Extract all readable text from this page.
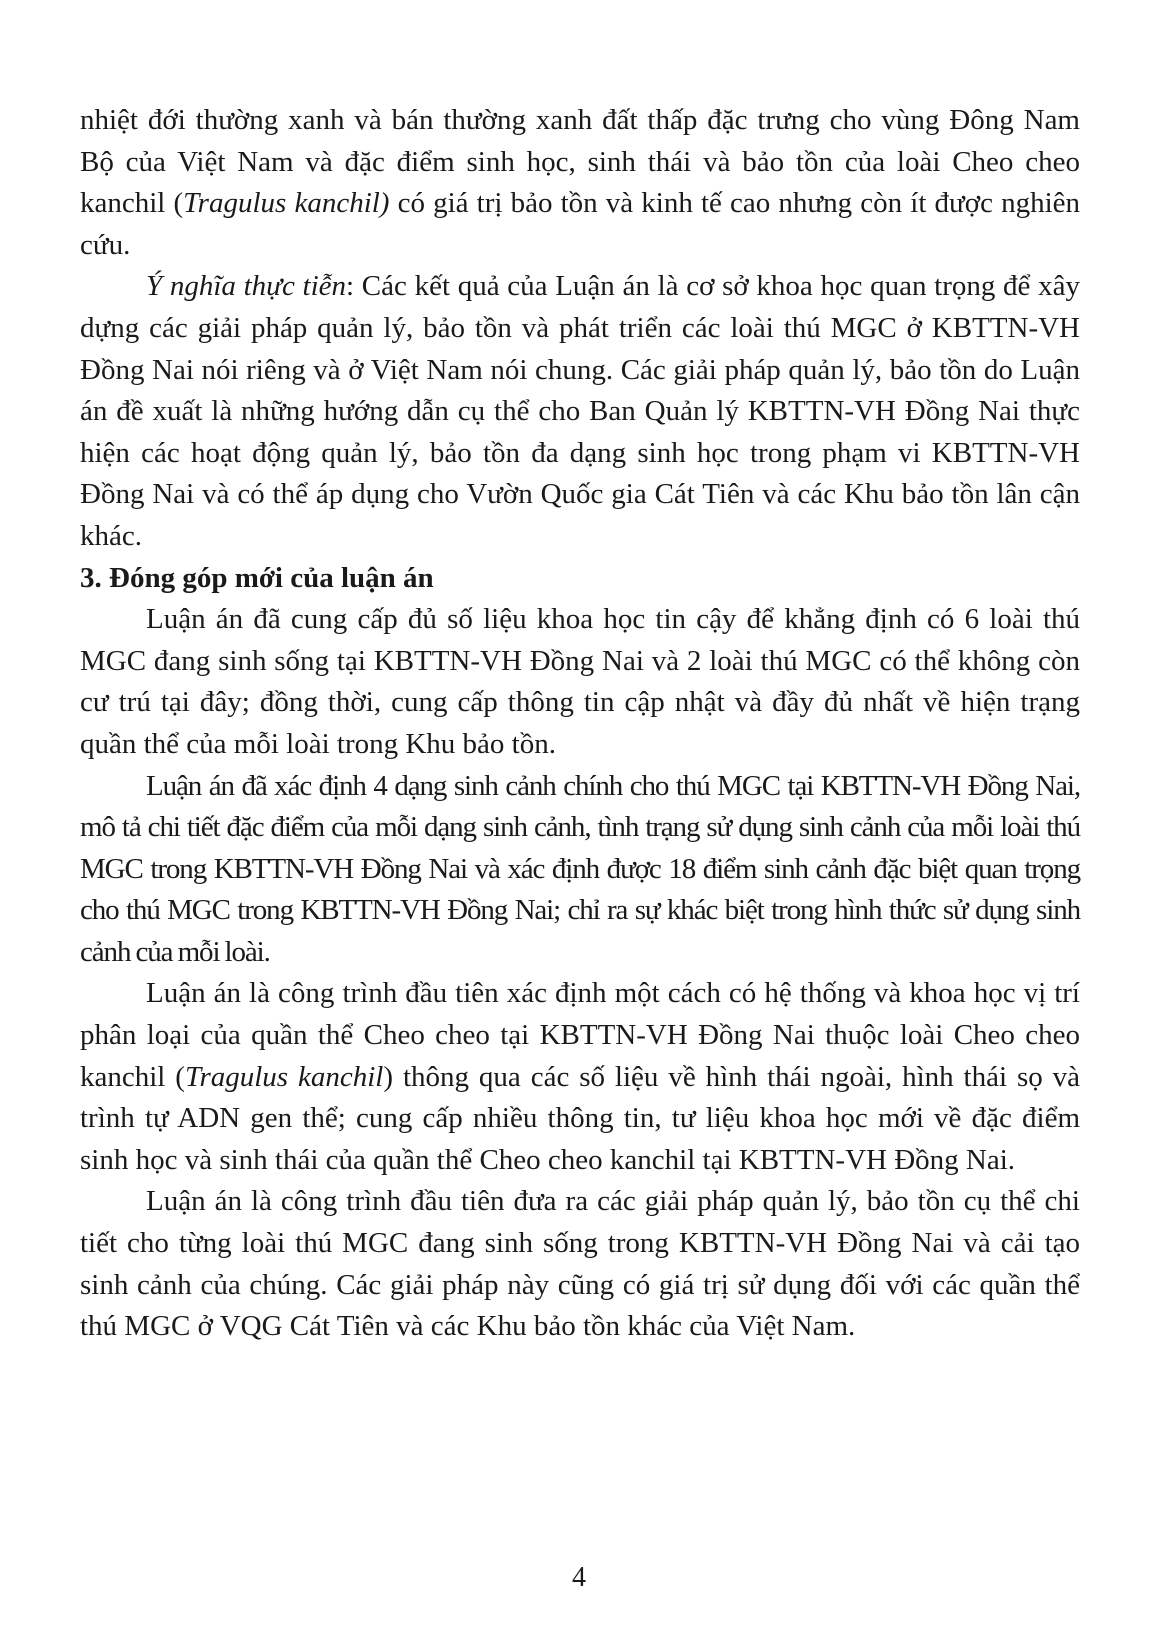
nhiệt đới thường xanh và bán thường xanh đất thấp đặc trưng cho vùng Đông Nam Bộ của Việt Nam và đặc điểm sinh học, sinh thái và bảo tồn của loài Cheo cheo kanchil (Tragulus kanchil) có giá trị bảo tồn và kinh tế cao nhưng còn ít được nghiên cứu.

Ý nghĩa thực tiễn: Các kết quả của Luận án là cơ sở khoa học quan trọng để xây dựng các giải pháp quản lý, bảo tồn và phát triển các loài thú MGC ở KBTTN-VH Đồng Nai nói riêng và ở Việt Nam nói chung. Các giải pháp quản lý, bảo tồn do Luận án đề xuất là những hướng dẫn cụ thể cho Ban Quản lý KBTTN-VH Đồng Nai thực hiện các hoạt động quản lý, bảo tồn đa dạng sinh học trong phạm vi KBTTN-VH Đồng Nai và có thể áp dụng cho Vườn Quốc gia Cát Tiên và các Khu bảo tồn lân cận khác.

3. Đóng góp mới của luận án

Luận án đã cung cấp đủ số liệu khoa học tin cậy để khẳng định có 6 loài thú MGC đang sinh sống tại KBTTN-VH Đồng Nai và 2 loài thú MGC có thể không còn cư trú tại đây; đồng thời, cung cấp thông tin cập nhật và đầy đủ nhất về hiện trạng quần thể của mỗi loài trong Khu bảo tồn.

Luận án đã xác định 4 dạng sinh cảnh chính cho thú MGC tại KBTTN-VH Đồng Nai, mô tả chi tiết đặc điểm của mỗi dạng sinh cảnh, tình trạng sử dụng sinh cảnh của mỗi loài thú MGC trong KBTTN-VH Đồng Nai và xác định được 18 điểm sinh cảnh đặc biệt quan trọng cho thú MGC trong KBTTN-VH Đồng Nai; chỉ ra sự khác biệt trong hình thức sử dụng sinh cảnh của mỗi loài.

Luận án là công trình đầu tiên xác định một cách có hệ thống và khoa học vị trí phân loại của quần thể Cheo cheo tại KBTTN-VH Đồng Nai thuộc loài Cheo cheo kanchil (Tragulus kanchil) thông qua các số liệu về hình thái ngoài, hình thái sọ và trình tự ADN gen thể; cung cấp nhiều thông tin, tư liệu khoa học mới về đặc điểm sinh học và sinh thái của quần thể Cheo cheo kanchil tại KBTTN-VH Đồng Nai.

Luận án là công trình đầu tiên đưa ra các giải pháp quản lý, bảo tồn cụ thể chi tiết cho từng loài thú MGC đang sinh sống trong KBTTN-VH Đồng Nai và cải tạo sinh cảnh của chúng. Các giải pháp này cũng có giá trị sử dụng đối với các quần thể thú MGC ở VQG Cát Tiên và các Khu bảo tồn khác của Việt Nam.

4
